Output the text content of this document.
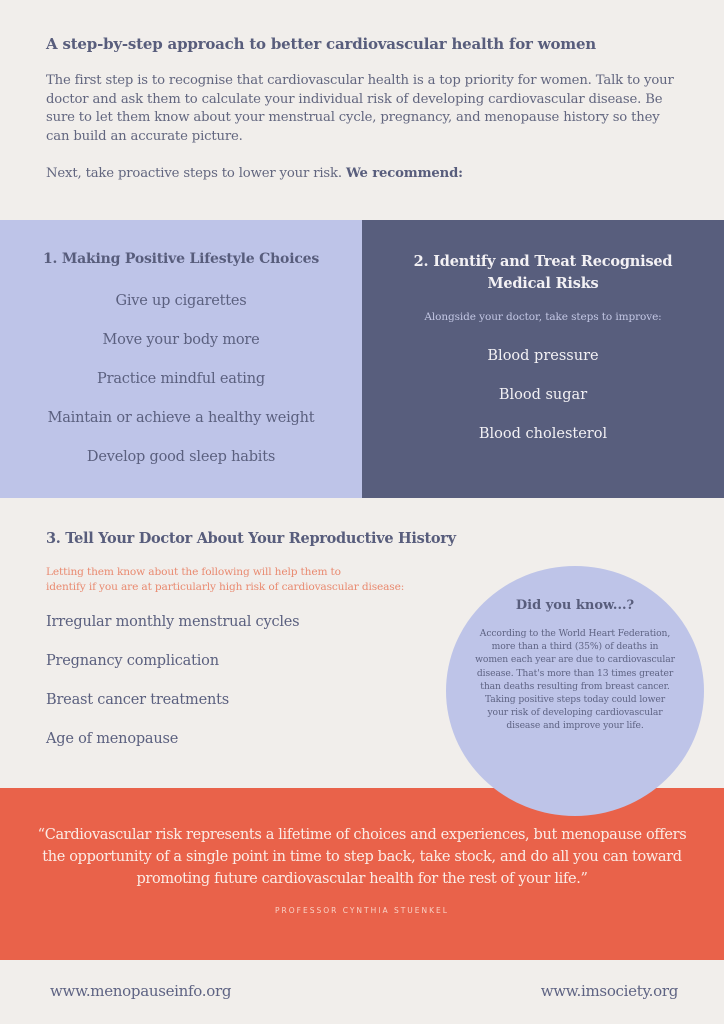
A step-by-step approach to better cardiovascular health for women

The first step is to recognise that cardiovascular health is a top priority for women. Talk to your doctor and ask them to calculate your individual risk of developing cardiovascular disease. Be sure to let them know about your menstrual cycle, pregnancy, and menopause history so they can build an accurate picture.

Next, take proactive steps to lower your risk. We recommend:

1. Making Positive Lifestyle Choices
Give up cigarettes
Move your body more
Practice mindful eating
Maintain or achieve a healthy weight
Develop good sleep habits
2. Identify and Treat Recognised Medical Risks
Alongside your doctor, take steps to improve:
Blood pressure
Blood sugar
Blood cholesterol
3. Tell Your Doctor About Your Reproductive History
Letting them know about the following will help them to
identify if you are at particularly high risk of cardiovascular disease:
Irregular monthly menstrual cycles
Pregnancy complication
Breast cancer treatments
Age of menopause

“Cardiovascular risk represents a lifetime of choices and experiences, but menopause offers the opportunity of a single point in time to step back, take stock, and do all you can toward promoting future cardiovascular health for the rest of your life.”

PROFESSOR CYNTHIA STUENKEL
Did you know...?

According to the World Heart Federation, more than a third (35%) of deaths in women each year are due to cardiovascular disease. That's more than 13 times greater than deaths resulting from breast cancer. Taking positive steps today could lower your risk of developing cardiovascular disease and improve your life.

www.menopauseinfo.org	www.imsociety.org
